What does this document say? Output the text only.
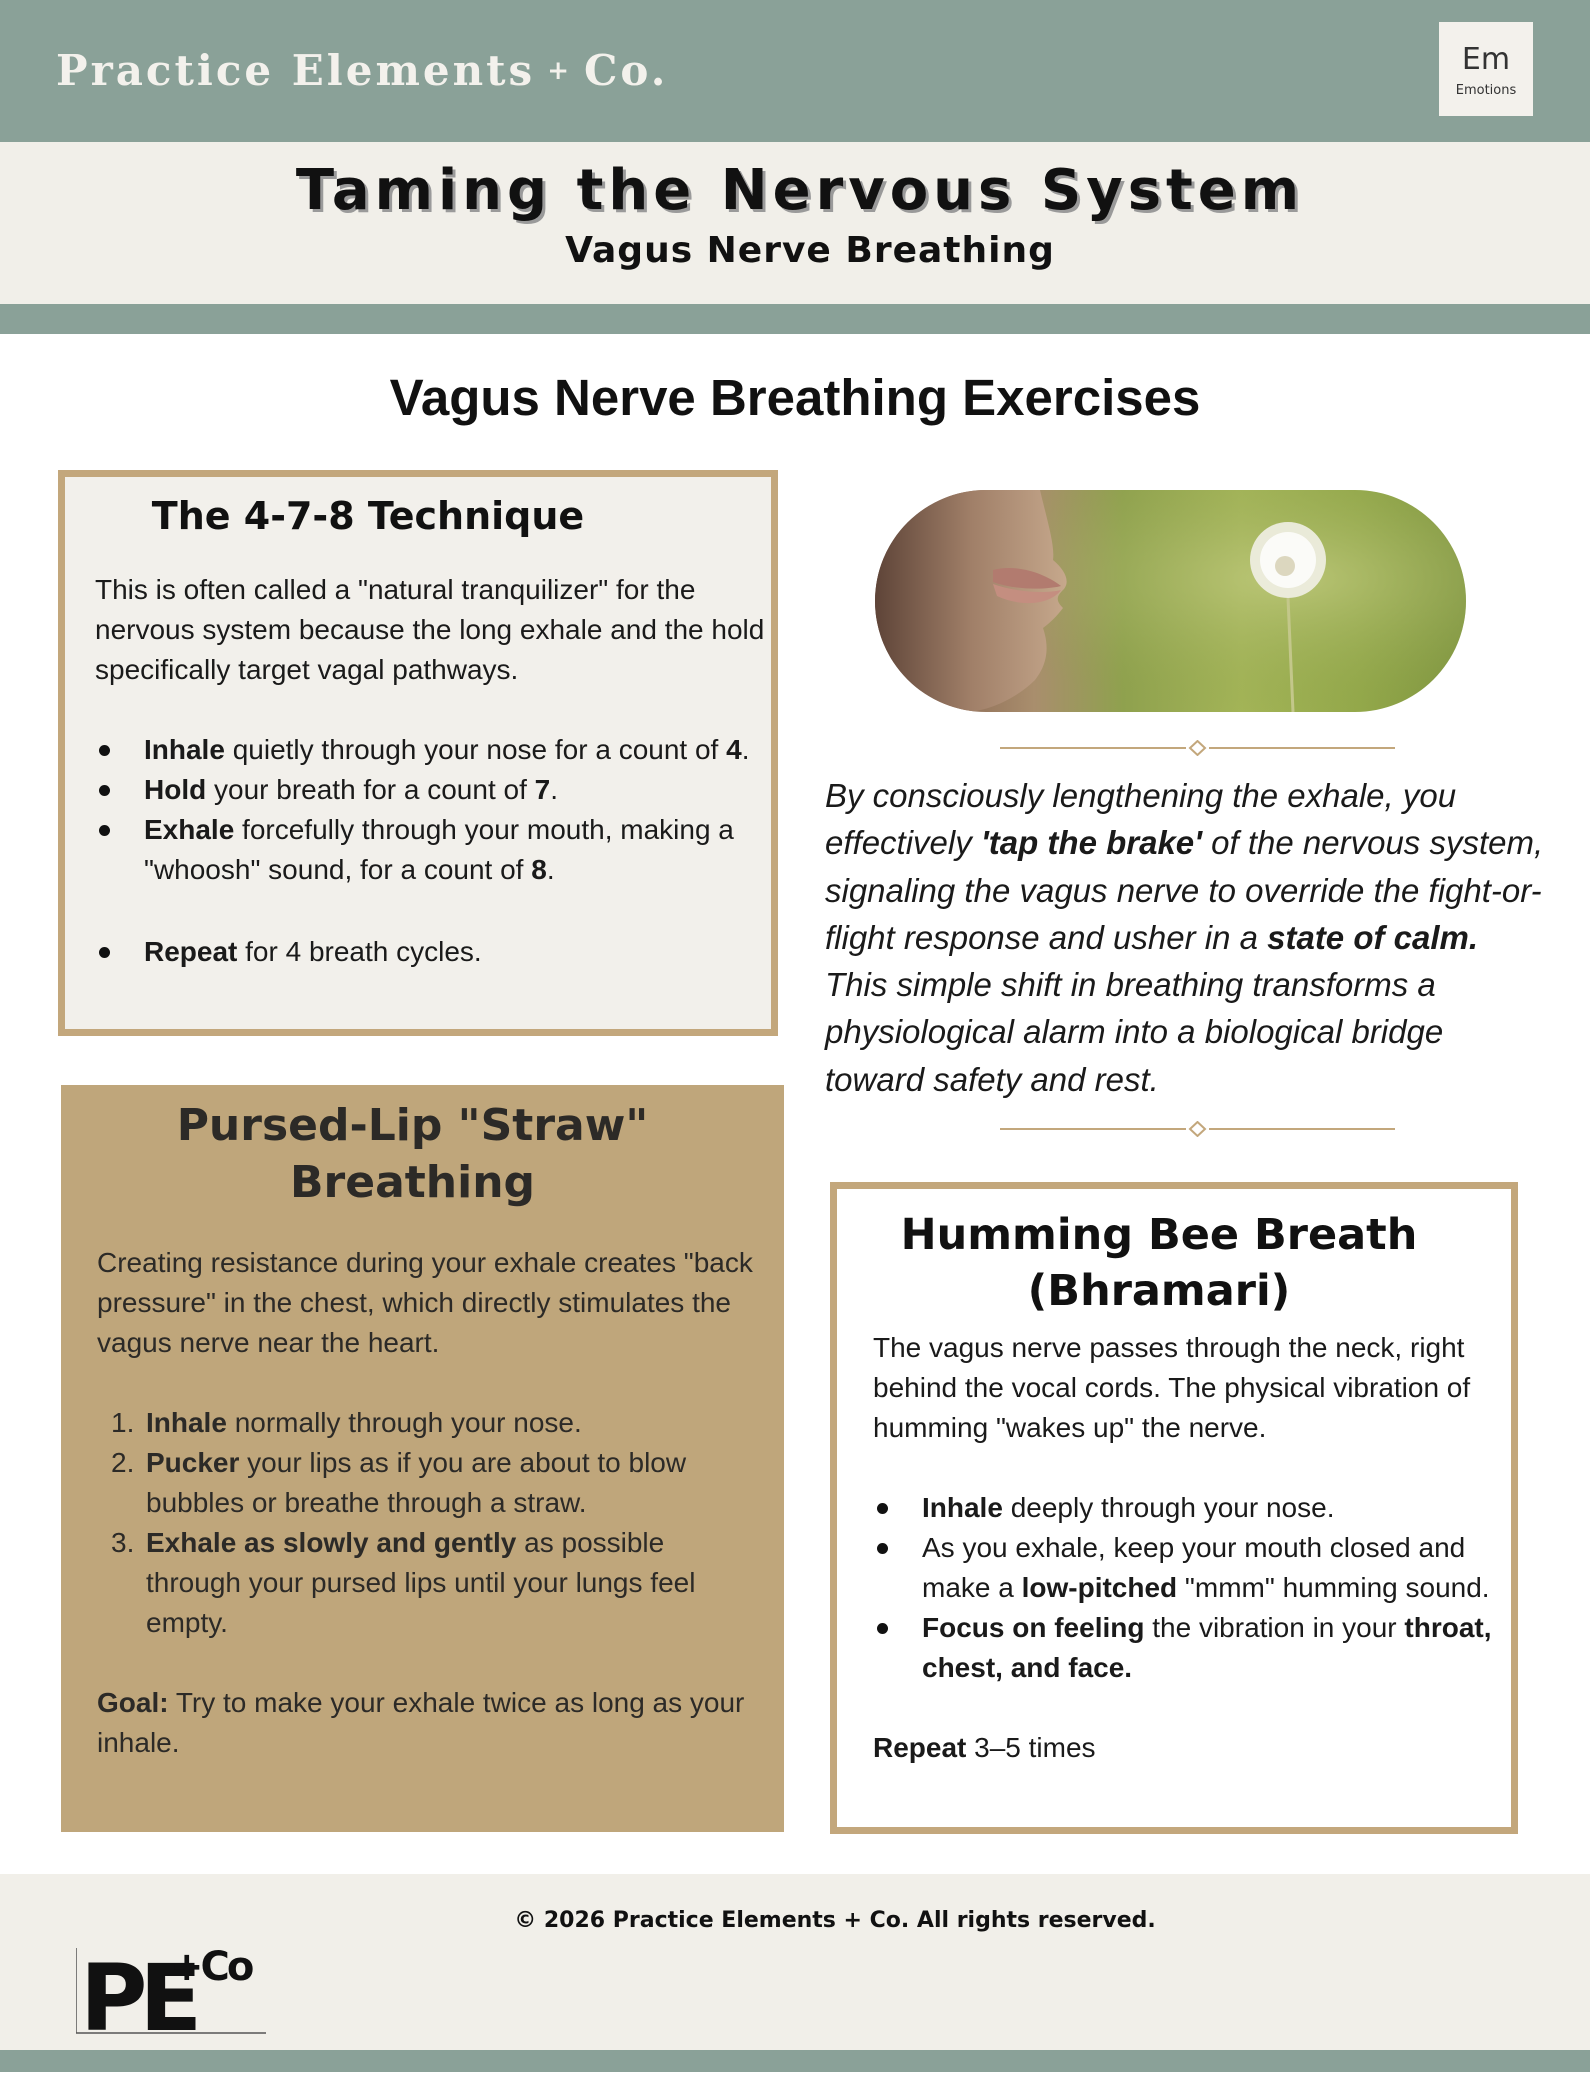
Practice Elements + Co.	Em
Emotions
Taming the Nervous System
Vagus Nerve Breathing
Vagus Nerve Breathing Exercises
The 4-7-8 Technique

This is often called a "natural tranquilizer" for the nervous system because the long exhale and the hold specifically target vagal pathways.

Inhale quietly through your nose for a count of 4.
Hold your breath for a count of 7.
Exhale forcefully through your mouth, making a "whoosh" sound, for a count of 8.
Repeat for 4 breath cycles.
Pursed-Lip "Straw" Breathing

Creating resistance during your exhale creates "back pressure" in the chest, which directly stimulates the vagus nerve near the heart.

1. Inhale normally through your nose.
2. Pucker your lips as if you are about to blow bubbles or breathe through a straw.
3. Exhale as slowly and gently as possible through your pursed lips until your lungs feel empty.

Goal: Try to make your exhale twice as long as your inhale.

By consciously lengthening the exhale, you effectively 'tap the brake' of the nervous system, signaling the vagus nerve to override the fight-or-flight response and usher in a state of calm. This simple shift in breathing transforms a physiological alarm into a biological bridge toward safety and rest.
Humming Bee Breath (Bhramari)

The vagus nerve passes through the neck, right behind the vocal cords. The physical vibration of humming "wakes up" the nerve.

Inhale deeply through your nose.
As you exhale, keep your mouth closed and make a low-pitched "mmm" humming sound.
Focus on feeling the vibration in your throat, chest, and face.

Repeat 3–5 times

© 2026 Practice Elements + Co. All rights reserved.
PE
+Co
